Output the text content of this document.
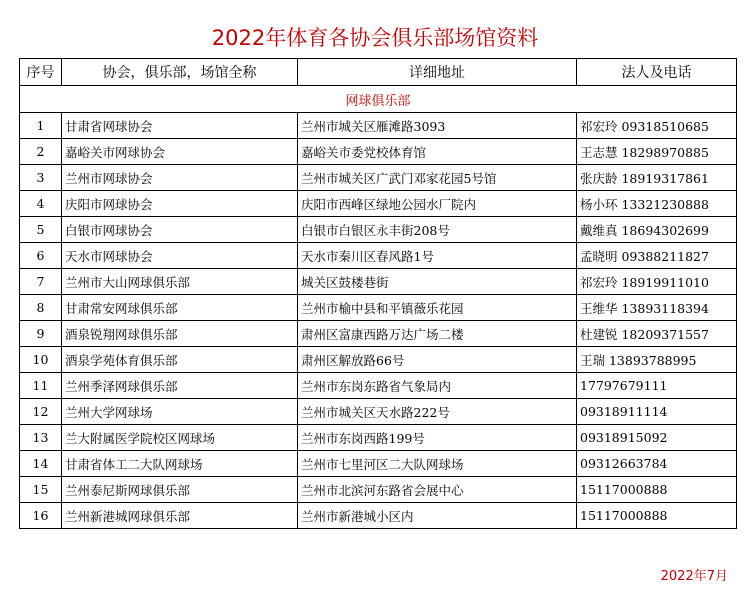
2022年体育各协会俱乐部场馆资料
序号	协会，俱乐部，场馆全称	详细地址	法人及电话
网球俱乐部			
1	甘肃省网球协会	兰州市城关区雁滩路3093	祁宏玲 09318510685
2	嘉峪关市网球协会	嘉峪关市委党校体育馆	王志慧 18298970885
3	兰州市网球协会	兰州市城关区广武门邓家花园5号馆	张庆龄 18919317861
4	庆阳市网球协会	庆阳市西峰区绿地公园水厂院内	杨小环 13321230888
5	白银市网球协会	白银市白银区永丰街208号	戴维真 18694302699
6	天水市网球协会	天水市秦川区春风路1号	孟晓明 09388211827
7	兰州市大山网球俱乐部	城关区鼓楼巷街	祁宏玲 18919911010
8	甘肃常安网球俱乐部	兰州市榆中县和平镇薇乐花园	王维华 13893118394
9	酒泉锐翔网球俱乐部	肃州区富康西路万达广场二楼	杜建锐 18209371557
10	酒泉学苑体育俱乐部	肃州区解放路66号	王瑞 13893788995
11	兰州季泽网球俱乐部	兰州市东岗东路省气象局内	17797679111
12	兰州大学网球场	兰州市城关区天水路222号	09318911114
13	兰大附属医学院校区网球场	兰州市东岗西路199号	09318915092
14	甘肃省体工二大队网球场	兰州市七里河区二大队网球场	09312663784
15	兰州泰尼斯网球俱乐部	兰州市北滨河东路省会展中心	15117000888
16	兰州新港城网球俱乐部	兰州市新港城小区内	15117000888
2022年7月
